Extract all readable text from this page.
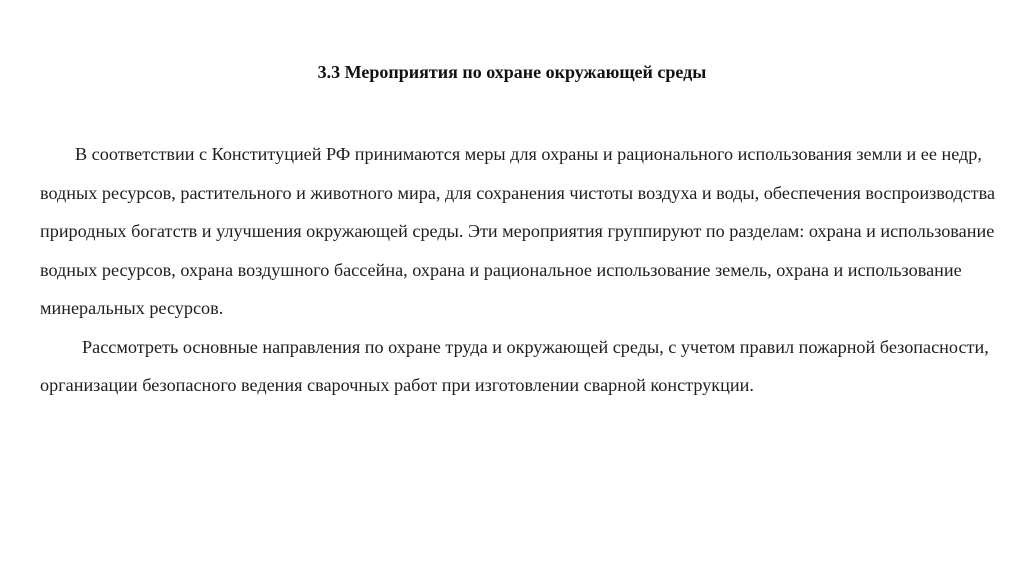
3.3 Мероприятия по охране окружающей среды

В соответствии с Конституцией РФ принимаются меры для охраны и рационального использования земли и ее недр, водных ресурсов, растительного и животного мира, для сохранения чистоты воздуха и воды, обеспечения воспроизводства природных богатств и улучшения окружающей среды. Эти мероприятия группируют по разделам: охрана и использование водных ресурсов, охрана воздушного бассейна, охрана и рациональное использование земель, охрана и использование минеральных ресурсов.

Рассмотреть основные направления по охране труда и окружающей среды, с учетом правил пожарной безопасности, организации безопасного ведения сварочных работ при изготовлении сварной конструкции.
